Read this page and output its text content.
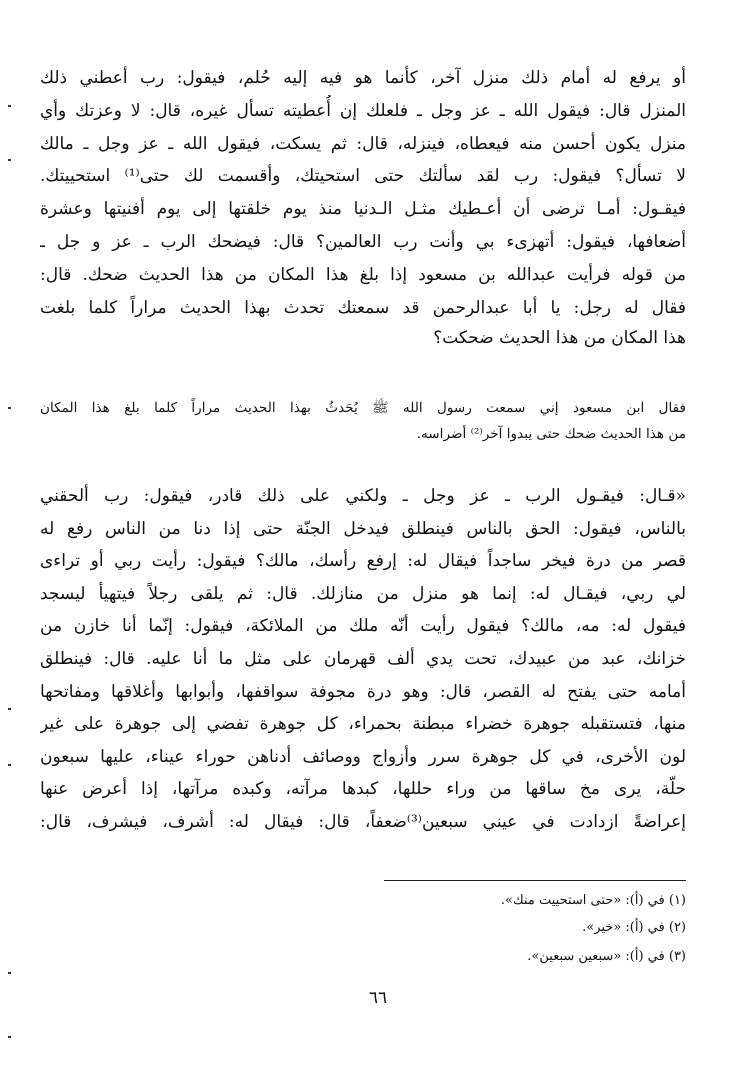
أو يرفع له أمام ذلك منزل آخر، كأنما هو فيه إليه حُلم، فيقول: رب أعطني ذلك
المنزل قال: فيقول الله ـ عز وجل ـ فلعلك إن أُعطيته تسأل غيره، قال: لا وعزتك وأي
منزل يكون أحسن منه فيعطاه، فينزله، قال: ثم يسكت، فيقول الله ـ عز وجل ـ مالك
لا تسأل؟ فيقول: رب لقد سألتك حتى استحيتك، وأقسمت لك حتى⁽¹⁾ استحييتك.
فيقـول: أمـا ترضى أن أعـطيك مثـل الـدنيا منذ يوم خلقتها إلى يوم أفنيتها وعشرة
أضعافها، فيقول: أتهزىء بي وأنت رب العالمين؟ قال: فيضحك الرب ـ عز و جل ـ
من قوله فرأيت عبدالله بن مسعود إذا بلغ هذا المكان من هذا الحديث ضحك. قال:
فقال له رجل: يا أبا عبدالرحمن قد سمعتك تحدث بهذا الحديث مراراً كلما بلغت
هذا المكان من هذا الحديث ضحكت؟
فقال ابن مسعود إني سمعت رسول الله ﷺ يُحَدثُ بهذا الحديث مراراً كلما بلغ هذا المكان
من هذا الحديث ضحك حتى يبدوا آخر⁽²⁾ أضراسه.
«قـال: فيقـول الرب ـ عز وجل ـ ولكني على ذلك قادر، فيقول: رب ألحقني
بالناس، فيقول: الحق بالناس فينطلق فيدخل الجنّة حتى إذا دنا من الناس رفع له
قصر من درة فيخر ساجداً فيقال له: إرفع رأسك، مالك؟ فيقول: رأيت ربي أو تراءى
لي ربي، فيقـال له: إنما هو منزل من منازلك. قال: ثم يلقى رجلاً فيتهيأ ليسجد
فيقول له: مه، مالك؟ فيقول رأيت أنّه ملك من الملائكة، فيقول: إنّما أنا خازن من
خزانك، عبد من عبيدك، تحت يدي ألف قهرمان على مثل ما أنا عليه. قال: فينطلق
أمامه حتى يفتح له القصر، قال: وهو درة مجوفة سواقفها، وأبوابها وأغلاقها ومفاتحها
منها، فتستقبله جوهرة خضراء مبطنة بحمراء، كل جوهرة تفضي إلى جوهرة على غير
لون الأخرى، في كل جوهرة سرر وأزواج ووصائف أدناهن حوراء عيناء، عليها سبعون
حلّة، يرى مخ ساقها من وراء حللها، كبدها مرآته، وكبده مرآتها، إذا أعرض عنها
إعراضةً ازدادت في عيني سبعين⁽³⁾ضعفاً، قال: فيقال له: أشرف، فيشرف، قال:
(١) في (أ): «حتى استحييت منك».
(٢) في (أ): «خير».
(٣) في (أ): «سبعين سبعين».
٦٦
